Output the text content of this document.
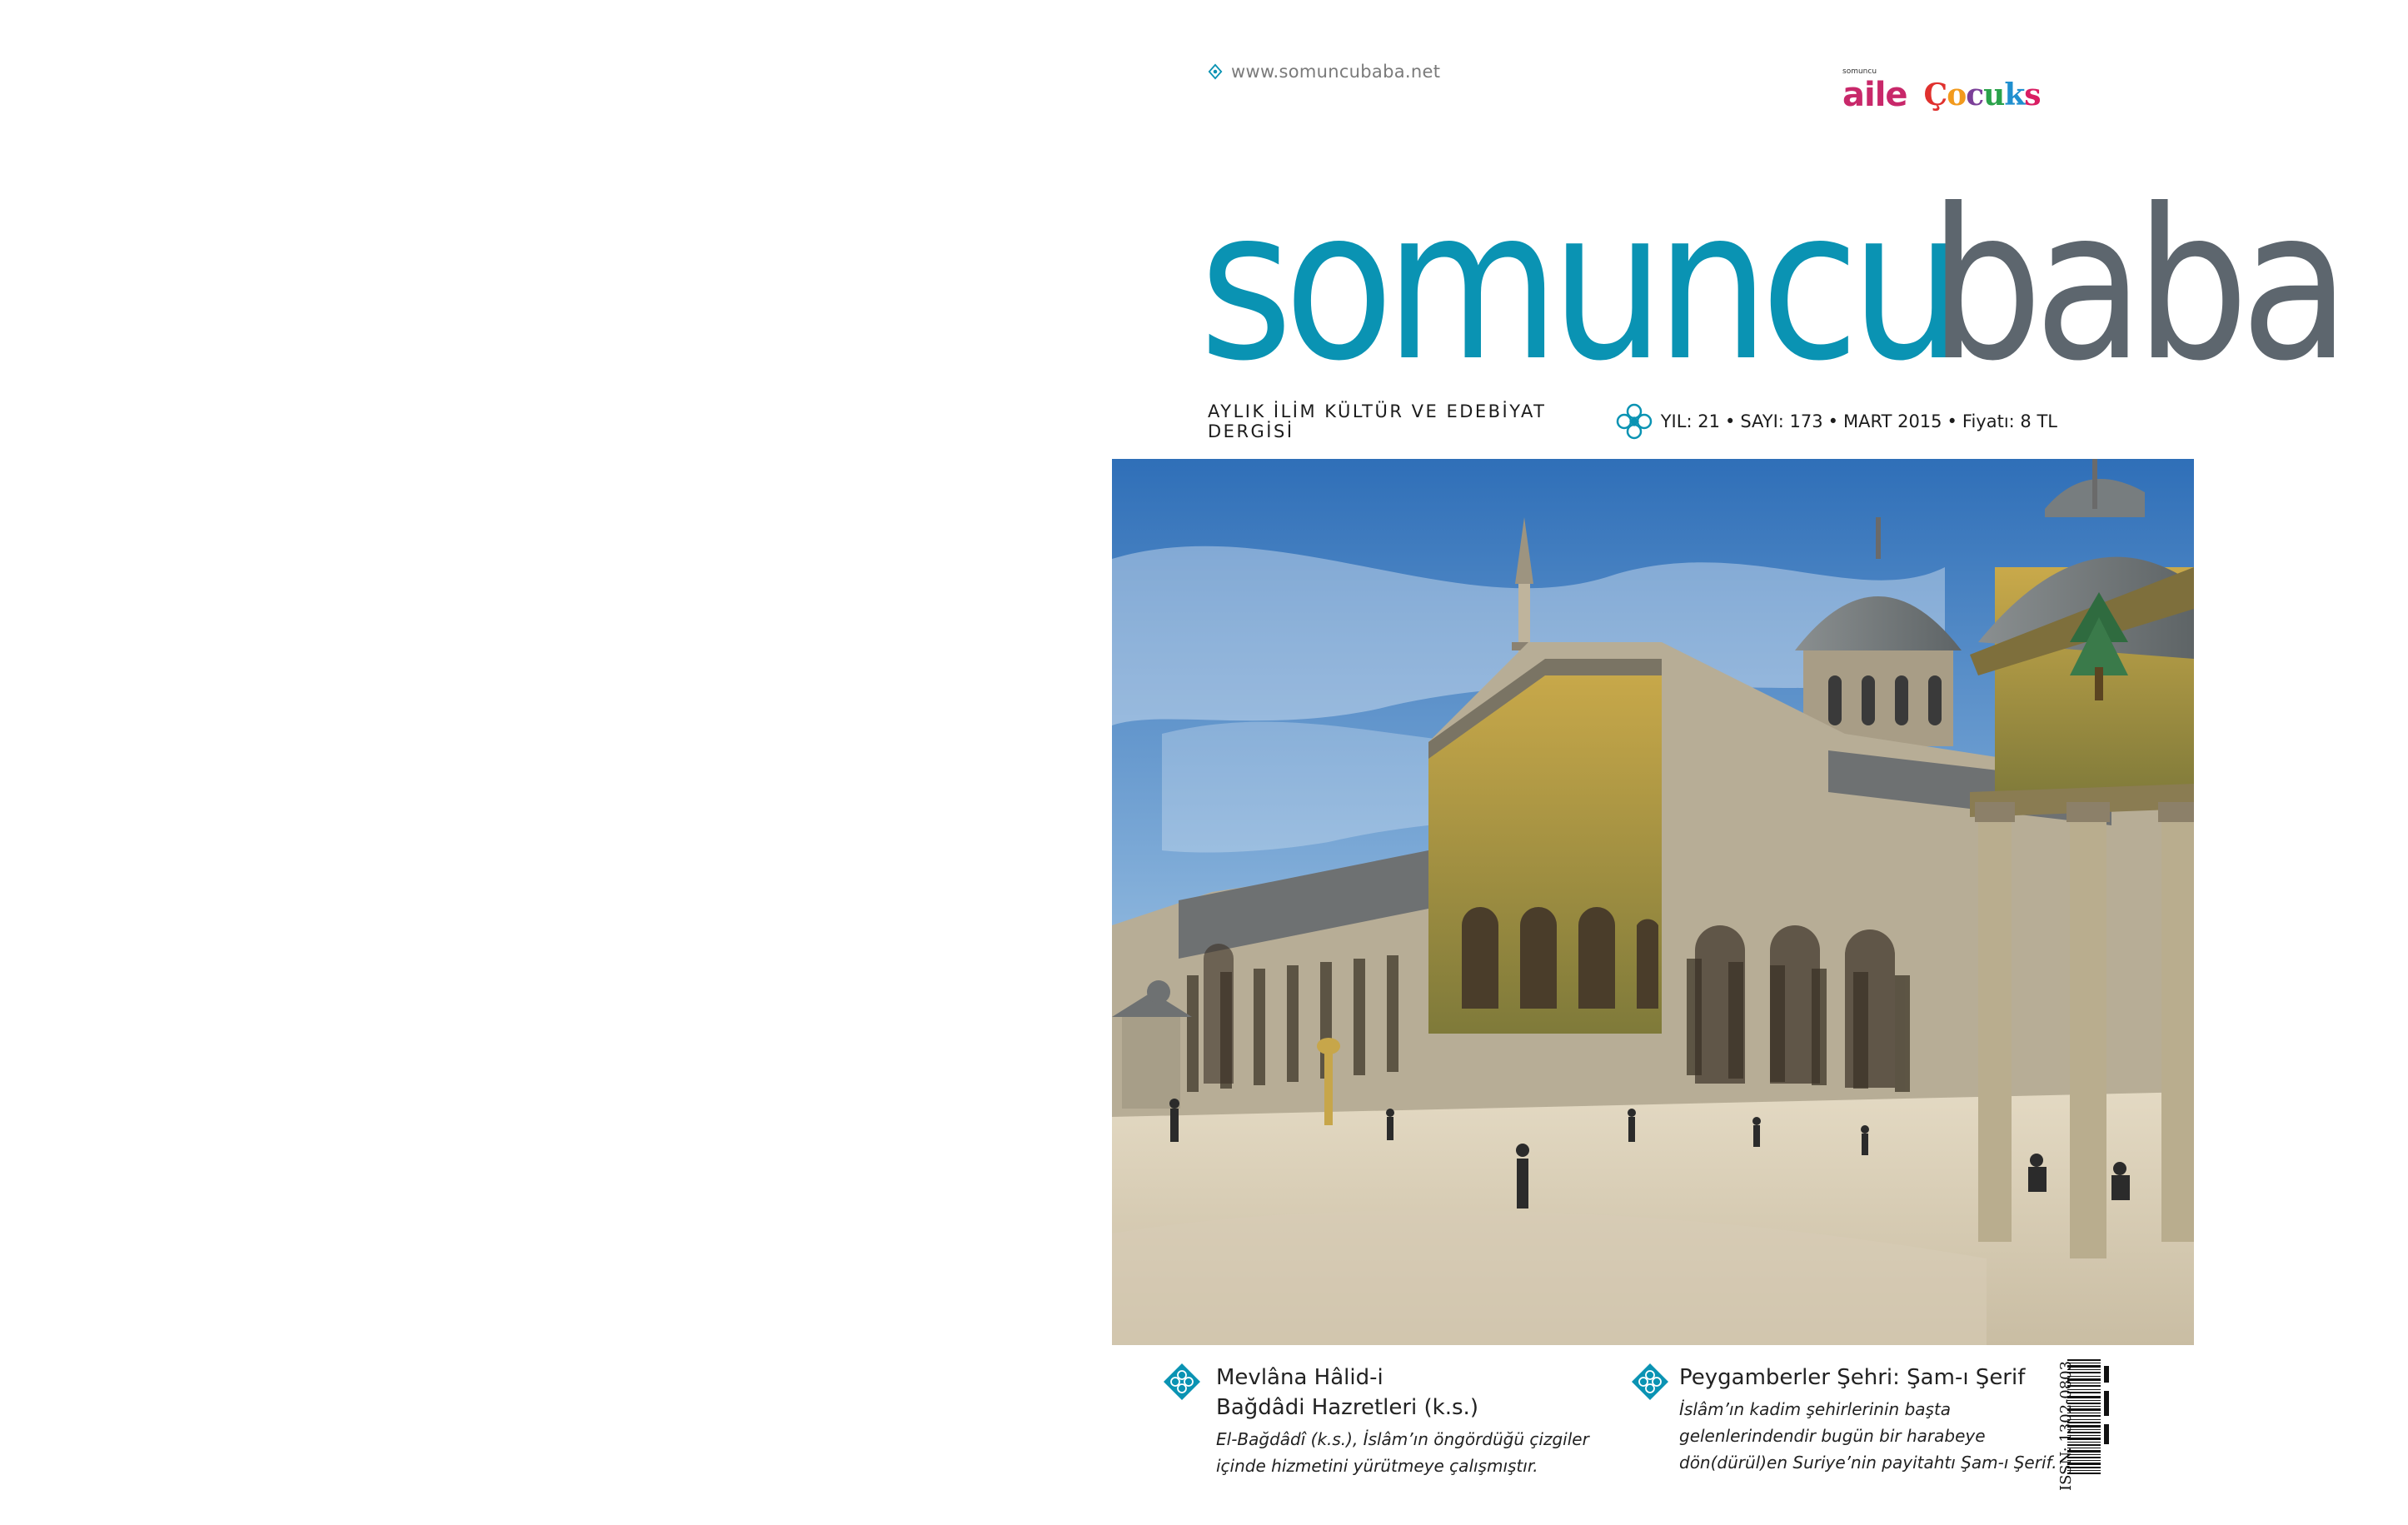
www.somuncubaba.net	somuncu
aile Çocuks
somuncu
baba
AYLIK İLİM KÜLTÜR VE EDEBİYAT DERGİSİ	YIL: 21 • SAYI: 173 • MART 2015 • Fiyatı: 8 TL
Mevlâna Hâlid-i
Bağdâdi Hazretleri (k.s.)
El-Bağdâdî (k.s.), İslâm’ın öngördüğü çizgiler
içinde hizmetini yürütmeye çalışmıştır.
Peygamberler Şehri: Şam-ı Şerif
İslâm’ın kadim şehirlerinin başta
gelenlerindendir bugün bir harabeye
dön(dürül)en Suriye’nin payitahtı Şam-ı Şerif. ISSN: 1302-0803
